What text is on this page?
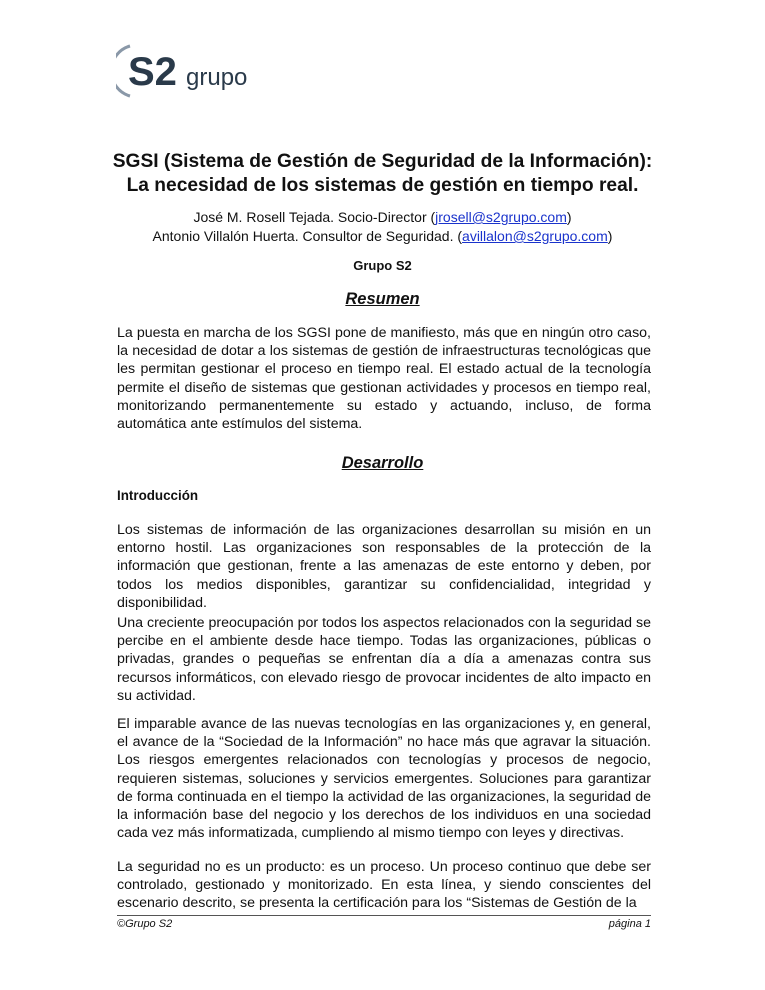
S2 grupo
SGSI (Sistema de Gestión de Seguridad de la Información):
La necesidad de los sistemas de gestión en tiempo real.
José M. Rosell Tejada. Socio-Director (jrosell@s2grupo.com)
Antonio Villalón Huerta. Consultor de Seguridad. (avillalon@s2grupo.com)
Grupo S2
Resumen
La puesta en marcha de los SGSI pone de manifiesto, más que en ningún otro caso, la necesidad de dotar a los sistemas de gestión de infraestructuras tecnológicas que les permitan gestionar el proceso en tiempo real. El estado actual de la tecnología permite el diseño de sistemas que gestionan actividades y procesos en tiempo real, monitorizando permanentemente su estado y actuando, incluso, de forma automática ante estímulos del sistema.
Desarrollo
Introducción
Los sistemas de información de las organizaciones desarrollan su misión en un entorno hostil. Las organizaciones son responsables de la protección de la información que gestionan, frente a las amenazas de este entorno y deben, por todos los medios disponibles, garantizar su confidencialidad, integridad y disponibilidad.
Una creciente preocupación por todos los aspectos relacionados con la seguridad se percibe en el ambiente desde hace tiempo. Todas las organizaciones, públicas o privadas, grandes o pequeñas se enfrentan día a día a amenazas contra sus recursos informáticos, con elevado riesgo de provocar incidentes de alto impacto en su actividad.
El imparable avance de las nuevas tecnologías en las organizaciones y, en general, el avance de la “Sociedad de la Información” no hace más que agravar la situación. Los riesgos emergentes relacionados con tecnologías y procesos de negocio, requieren sistemas, soluciones y servicios emergentes. Soluciones para garantizar de forma continuada en el tiempo la actividad de las organizaciones, la seguridad de la información base del negocio y los derechos de los individuos en una sociedad cada vez más informatizada, cumpliendo al mismo tiempo con leyes y directivas.
La seguridad no es un producto: es un proceso. Un proceso continuo que debe ser controlado, gestionado y monitorizado. En esta línea, y siendo conscientes del escenario descrito, se presenta la certificación para los “Sistemas de Gestión de la
©Grupo S2	página 1
